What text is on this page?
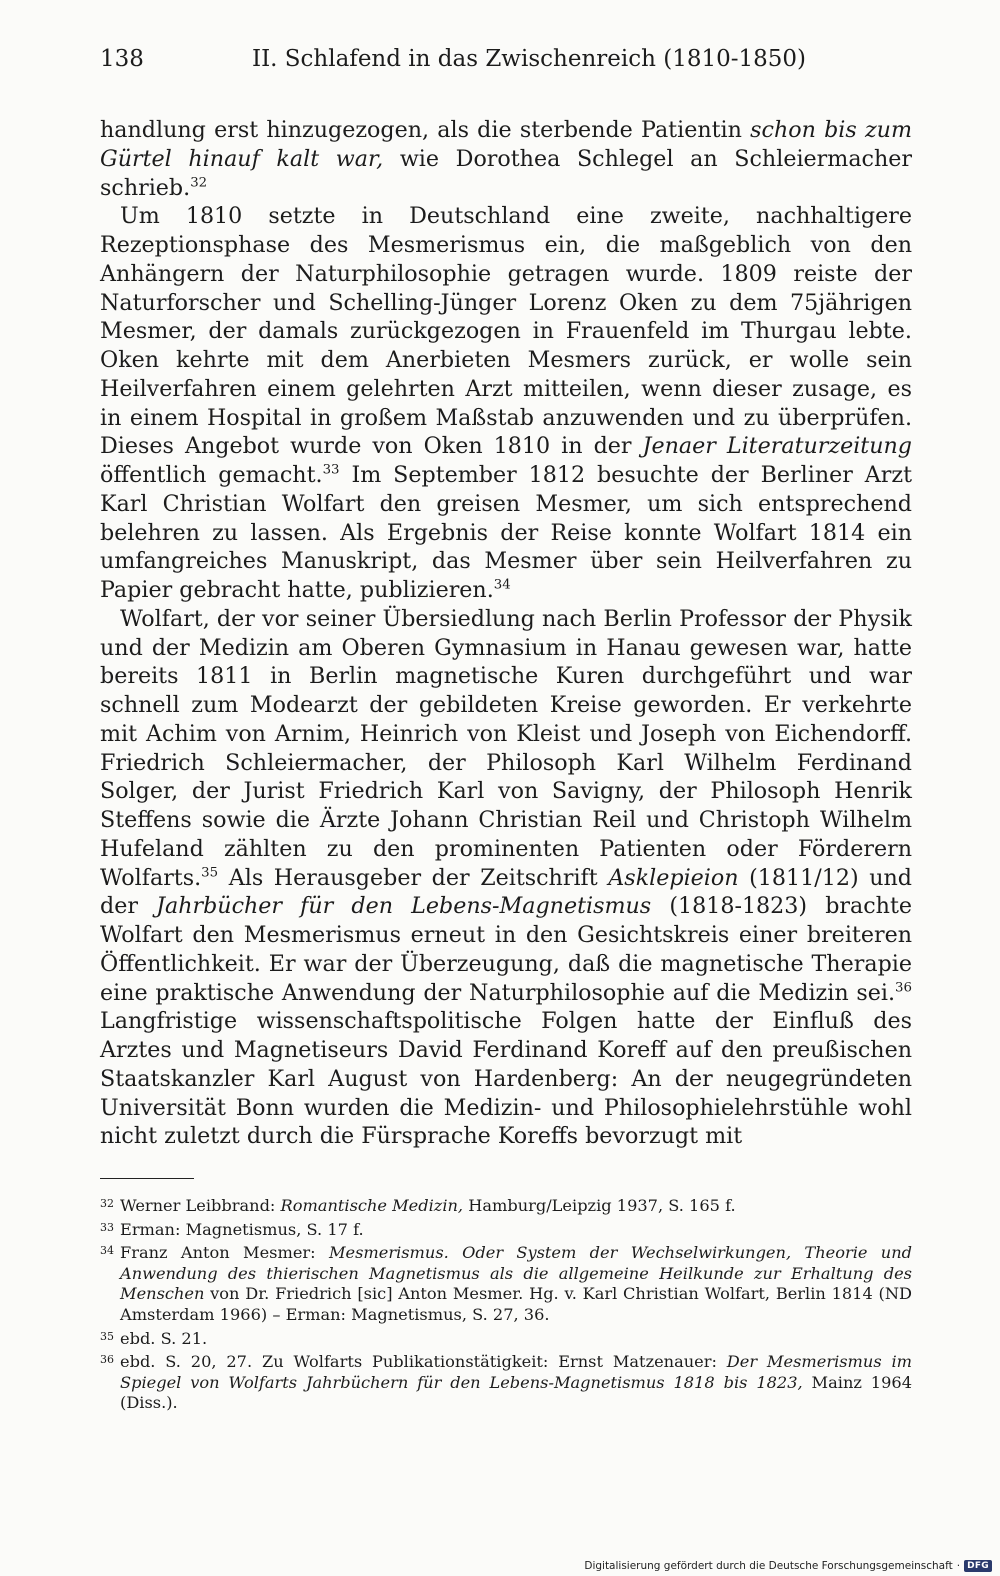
138	II. Schlafend in das Zwischenreich (1810-1850)

handlung erst hinzugezogen, als die sterbende Patientin schon bis zum Gürtel hinauf kalt war, wie Dorothea Schlegel an Schleiermacher schrieb.$^{32}$

Um 1810 setzte in Deutschland eine zweite, nachhaltigere Rezeptionsphase des Mesmerismus ein, die maßgeblich von den Anhängern der Naturphilosophie getragen wurde. 1809 reiste der Naturforscher und Schelling-Jünger Lorenz Oken zu dem 75jährigen Mesmer, der damals zurückgezogen in Frauenfeld im Thurgau lebte. Oken kehrte mit dem Anerbieten Mesmers zurück, er wolle sein Heilverfahren einem gelehrten Arzt mitteilen, wenn dieser zusage, es in einem Hospital in großem Maßstab anzuwenden und zu überprüfen. Dieses Angebot wurde von Oken 1810 in der Jenaer Literaturzeitung öffentlich gemacht.$^{33}$ Im September 1812 besuchte der Berliner Arzt Karl Christian Wolfart den greisen Mesmer, um sich entsprechend belehren zu lassen. Als Ergebnis der Reise konnte Wolfart 1814 ein umfangreiches Manuskript, das Mesmer über sein Heilverfahren zu Papier gebracht hatte, publizieren.$^{34}$

Wolfart, der vor seiner Übersiedlung nach Berlin Professor der Physik und der Medizin am Oberen Gymnasium in Hanau gewesen war, hatte bereits 1811 in Berlin magnetische Kuren durchgeführt und war schnell zum Modearzt der gebildeten Kreise geworden. Er verkehrte mit Achim von Arnim, Heinrich von Kleist und Joseph von Eichendorff. Friedrich Schleiermacher, der Philosoph Karl Wilhelm Ferdinand Solger, der Jurist Friedrich Karl von Savigny, der Philosoph Henrik Steffens sowie die Ärzte Johann Christian Reil und Christoph Wilhelm Hufeland zählten zu den prominenten Patienten oder Förderern Wolfarts.$^{35}$ Als Herausgeber der Zeitschrift Asklepieion (1811/12) und der Jahrbücher für den Lebens-Magnetismus (1818-1823) brachte Wolfart den Mesmerismus erneut in den Gesichtskreis einer breiteren Öffentlichkeit. Er war der Überzeugung, daß die magnetische Therapie eine praktische Anwendung der Naturphilosophie auf die Medizin sei.$^{36}$ Langfristige wissenschaftspolitische Folgen hatte der Einfluß des Arztes und Magnetiseurs David Ferdinand Koreff auf den preußischen Staatskanzler Karl August von Hardenberg: An der neugegründeten Universität Bonn wurden die Medizin- und Philosophielehrstühle wohl nicht zuletzt durch die Fürsprache Koreffs bevorzugt mit

32 Werner Leibbrand: Romantische Medizin, Hamburg/Leipzig 1937, S. 165 f.
33 Erman: Magnetismus, S. 17 f.
34 Franz Anton Mesmer: Mesmerismus. Oder System der Wechselwirkungen, Theorie und Anwendung des thierischen Magnetismus als die allgemeine Heilkunde zur Erhaltung des Menschen von Dr. Friedrich [sic] Anton Mesmer. Hg. v. Karl Christian Wolfart, Berlin 1814 (ND Amsterdam 1966) – Erman: Magnetismus, S. 27, 36.
35 ebd. S. 21.
36 ebd. S. 20, 27. Zu Wolfarts Publikationstätigkeit: Ernst Matzenauer: Der Mesmerismus im Spiegel von Wolfarts Jahrbüchern für den Lebens-Magnetismus 1818 bis 1823, Mainz 1964 (Diss.).
Digitalisierung gefördert durch die Deutsche Forschungsgemeinschaft · DFG
